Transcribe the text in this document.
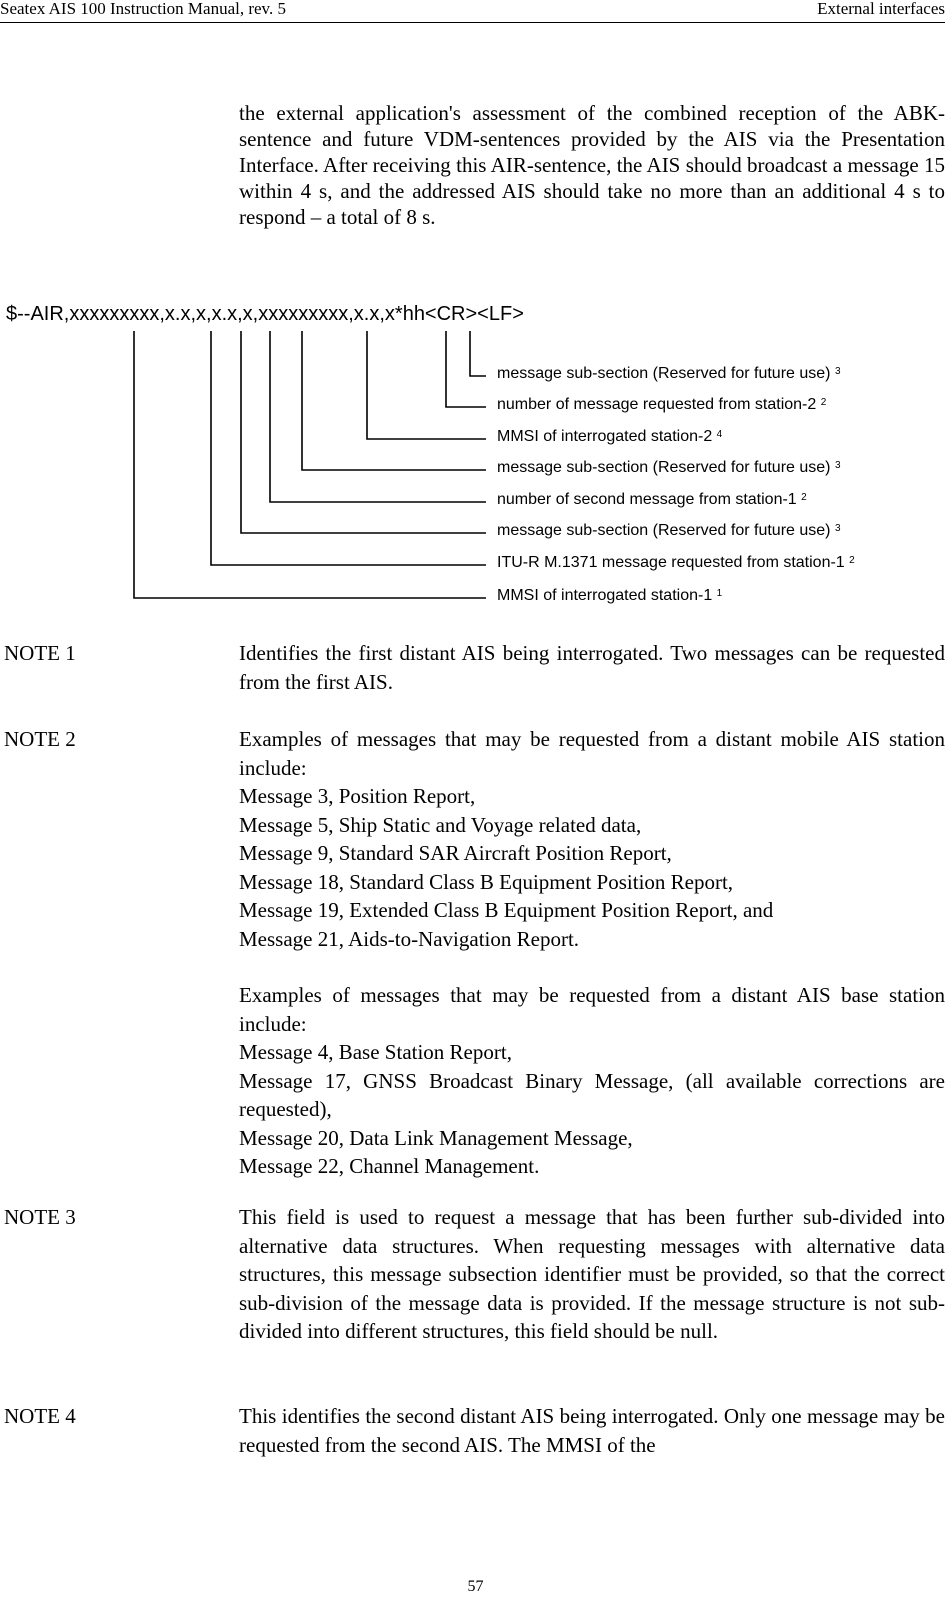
Seatex AIS 100 Instruction Manual, rev. 5	External interfaces
the external application's assessment of the combined reception of the ABK-sentence and future VDM-sentences provided by the AIS via the Presentation Interface. After receiving this AIR-sentence, the AIS should broadcast a message 15 within 4 s, and the addressed AIS should take no more than an additional 4 s to respond – a total of 8 s.
$--AIR,xxxxxxxxx,x.x,x,x.x,x,xxxxxxxxx,x.x,x*hh<CR><LF>
message sub-section (Reserved for future use) $^3$
number of message requested from station-2 $^2$
MMSI of interrogated station-2 $^4$
message sub-section (Reserved for future use) $^3$
number of second message from station-1 $^2$
message sub-section (Reserved for future use) $^3$
ITU-R M.1371 message requested from station-1 $^2$
MMSI of interrogated station-1 $^1$
NOTE 1	Identifies the first distant AIS being interrogated. Two messages can be requested from the first AIS.

NOTE 2	Examples of messages that may be requested from a distant mobile AIS station include:

Message 3, Position Report,

Message 5, Ship Static and Voyage related data,

Message 9, Standard SAR Aircraft Position Report,

Message 18, Standard Class B Equipment Position Report,

Message 19, Extended Class B Equipment Position Report, and

Message 21, Aids-to-Navigation Report.

Examples of messages that may be requested from a distant AIS base station include:

Message 4, Base Station Report,

Message 17, GNSS Broadcast Binary Message, (all available corrections are requested),

Message 20, Data Link Management Message,

Message 22, Channel Management.

NOTE 3	This field is used to request a message that has been further sub-divided into alternative data structures. When requesting messages with alternative data structures, this message subsection identifier must be provided, so that the correct sub-division of the message data is provided. If the message structure is not sub-divided into different structures, this field should be null.

NOTE 4	This identifies the second distant AIS being interrogated. Only one message may be requested from the second AIS. The MMSI of the

57
